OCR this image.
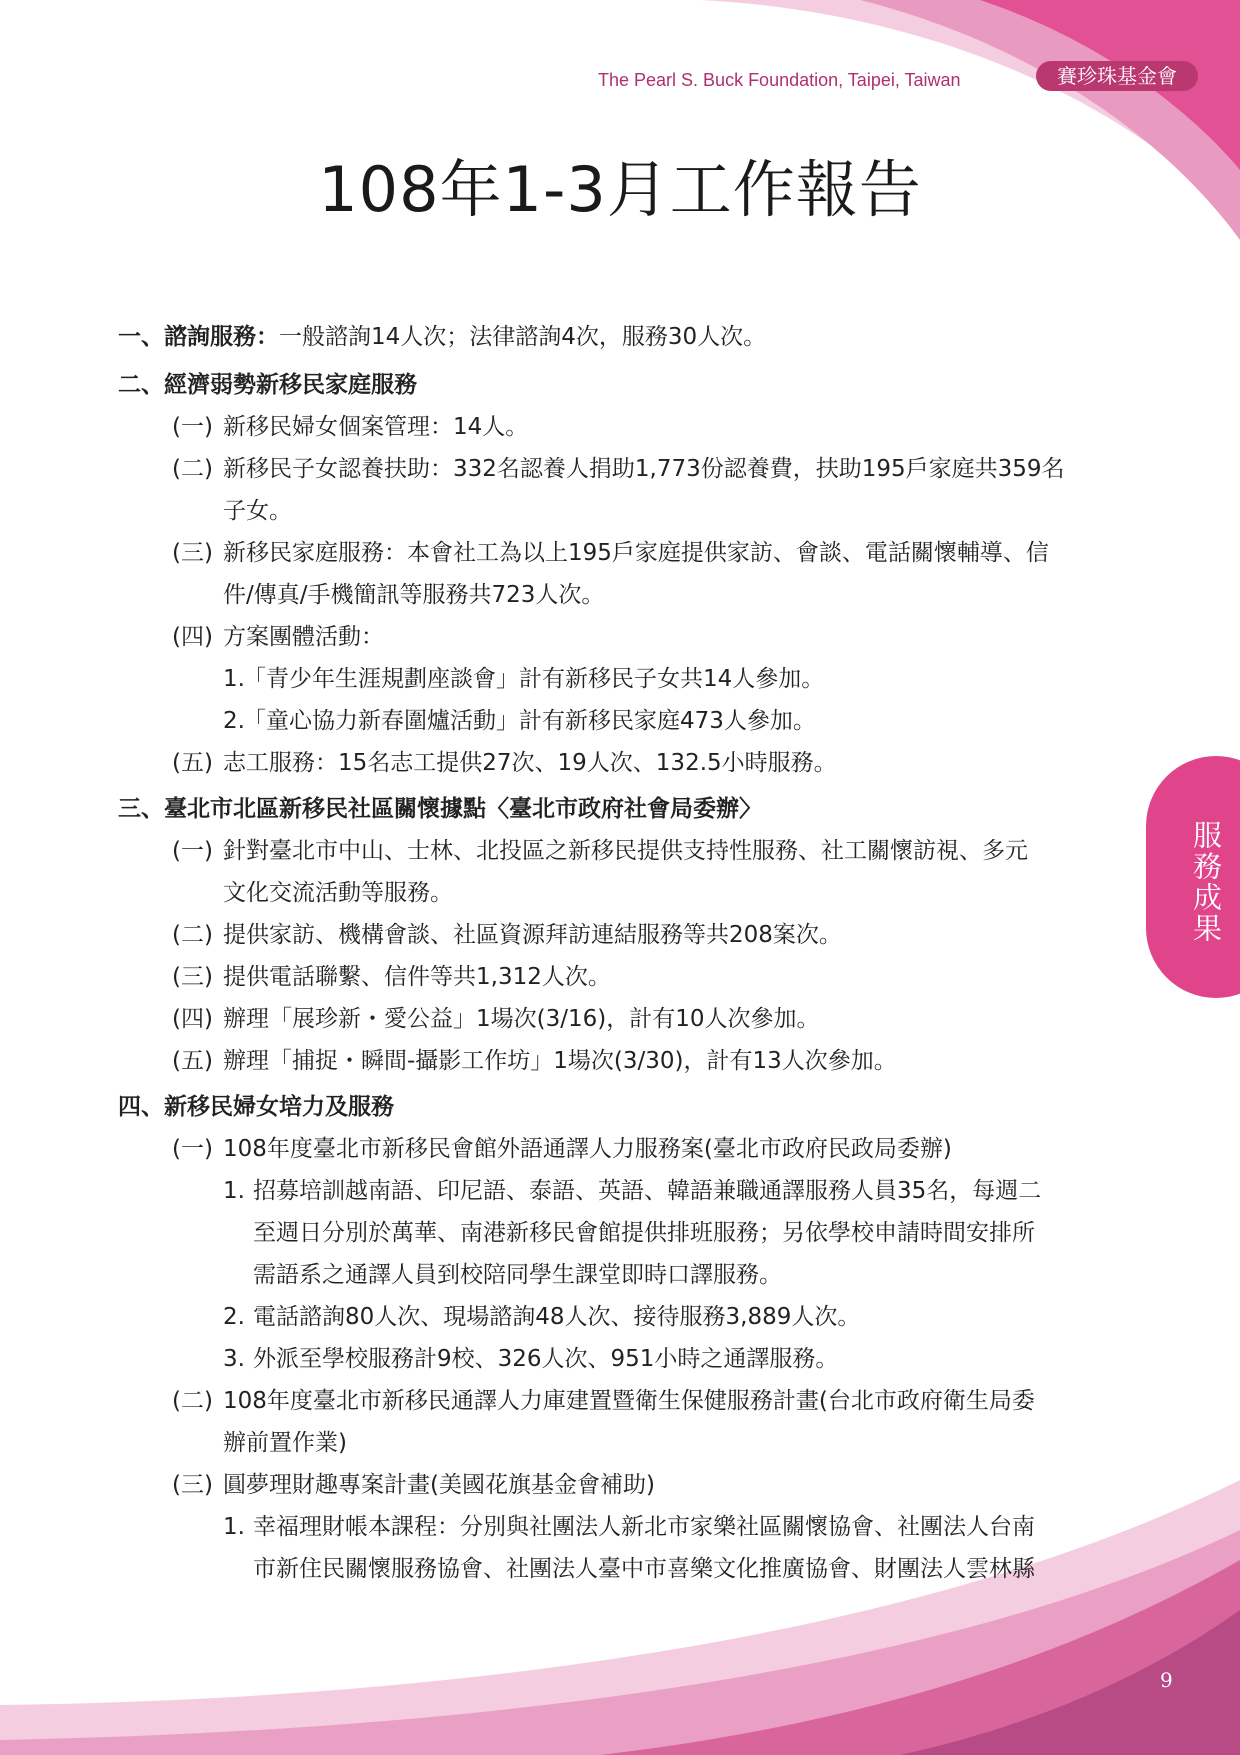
The Pearl S. Buck Foundation, Taipei, Taiwan	賽珍珠基金會
108年1-3月工作報告
服務成果
9
一、諮詢服務：一般諮詢14人次；法律諮詢4次，服務30人次。
二、經濟弱勢新移民家庭服務
(一) 新移民婦女個案管理：14人。
(二) 新移民子女認養扶助：332名認養人捐助1,773份認養費，扶助195戶家庭共359名
子女。
(三) 新移民家庭服務：本會社工為以上195戶家庭提供家訪、會談、電話關懷輔導、信
件/傳真/手機簡訊等服務共723人次。
(四) 方案團體活動：
1.
「青少年生涯規劃座談會」計有新移民子女共14人參加。
2.
「童心協力新春圍爐活動」計有新移民家庭473人參加。
(五) 志工服務：15名志工提供27次、19人次、132.5小時服務。
三、臺北市北區新移民社區關懷據點〈臺北市政府社會局委辦〉
(一) 針對臺北市中山、士林、北投區之新移民提供支持性服務、社工關懷訪視、多元
文化交流活動等服務。
(二) 提供家訪、機構會談、社區資源拜訪連結服務等共208案次。
(三) 提供電話聯繫、信件等共1,312人次。
(四) 辦理「展珍新・愛公益」1場次(3/16)，計有10人次參加。
(五) 辦理「捕捉・瞬間-攝影工作坊」1場次(3/30)，計有13人次參加。
四、新移民婦女培力及服務
(一) 108年度臺北市新移民會館外語通譯人力服務案(臺北市政府民政局委辦)
1. 招募培訓越南語、印尼語、泰語、英語、韓語兼職通譯服務人員35名，每週二
至週日分別於萬華、南港新移民會館提供排班服務；另依學校申請時間安排所
需語系之通譯人員到校陪同學生課堂即時口譯服務。
2. 電話諮詢80人次、現場諮詢48人次、接待服務3,889人次。
3. 外派至學校服務計9校、326人次、951小時之通譯服務。
(二) 108年度臺北市新移民通譯人力庫建置暨衛生保健服務計畫(台北市政府衛生局委
辦前置作業)
(三) 圓夢理財趣專案計畫(美國花旗基金會補助)
1. 幸福理財帳本課程：分別與社團法人新北市家樂社區關懷協會、社團法人台南
市新住民關懷服務協會、社團法人臺中市喜樂文化推廣協會、財團法人雲林縣
